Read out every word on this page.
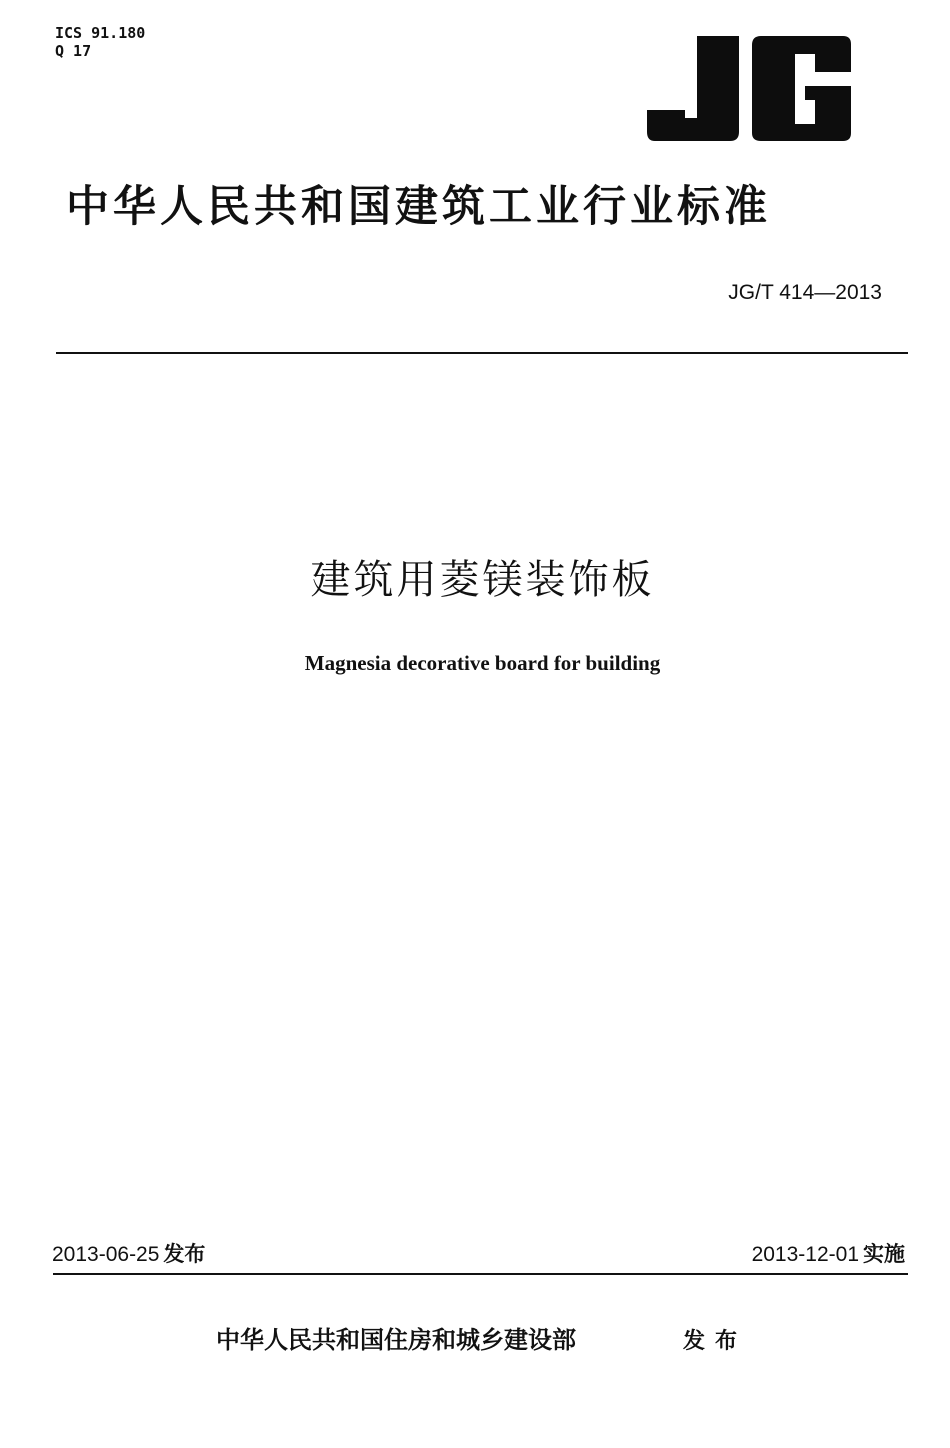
ICS 91.180
Q 17
中华人民共和国建筑工业行业标准
JG/T 414—2013
建筑用菱镁装饰板
Magnesia decorative board for building
2013-06-25 发布	2013-12-01 实施
中华人民共和国住房和城乡建设部	发布
